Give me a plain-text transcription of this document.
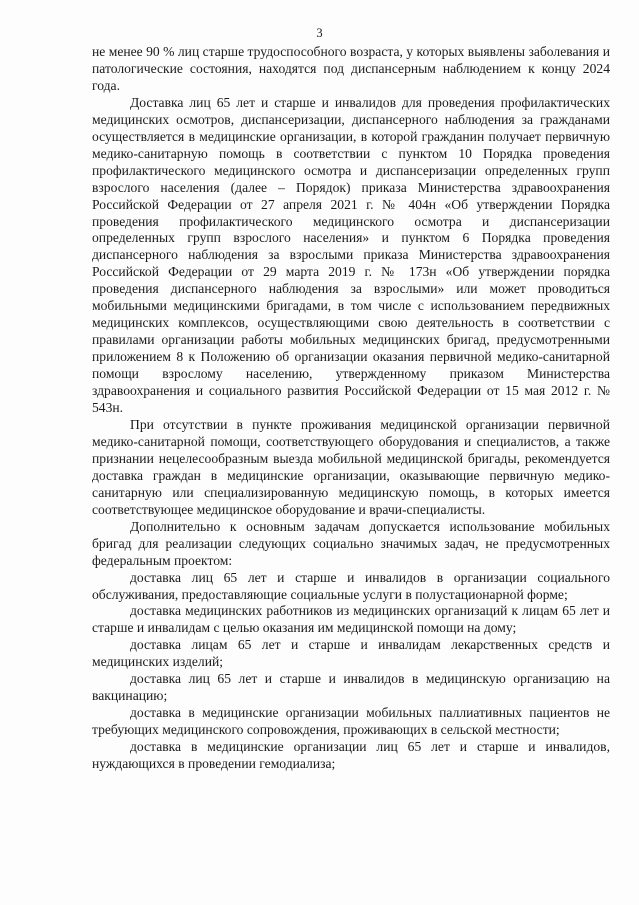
3

не менее 90 % лиц старше трудоспособного возраста, у которых выявлены заболевания и патологические состояния, находятся под диспансерным наблюдением к концу 2024 года.

Доставка лиц 65 лет и старше и инвалидов для проведения профилактических медицинских осмотров, диспансеризации, диспансерного наблюдения за гражданами осуществляется в медицинские организации, в которой гражданин получает первичную медико-санитарную помощь в соответствии с пунктом 10 Порядка проведения профилактического медицинского осмотра и диспансеризации определенных групп взрослого населения (далее – Порядок) приказа Министерства здравоохранения Российской Федерации от 27 апреля 2021 г. № 404н «Об утверждении Порядка проведения профилактического медицинского осмотра и диспансеризации определенных групп взрослого населения» и пунктом 6 Порядка проведения диспансерного наблюдения за взрослыми приказа Министерства здравоохранения Российской Федерации от 29 марта 2019 г. № 173н «Об утверждении порядка проведения диспансерного наблюдения за взрослыми» или может проводиться мобильными медицинскими бригадами, в том числе с использованием передвижных медицинских комплексов, осуществляющими свою деятельность в соответствии с правилами организации работы мобильных медицинских бригад, предусмотренными приложением 8 к Положению об организации оказания первичной медико-санитарной помощи взрослому населению, утвержденному приказом Министерства здравоохранения и социального развития Российской Федерации от 15 мая 2012 г. № 543н.

При отсутствии в пункте проживания медицинской организации первичной медико-санитарной помощи, соответствующего оборудования и специалистов, а также признании нецелесообразным выезда мобильной медицинской бригады, рекомендуется доставка граждан в медицинские организации, оказывающие первичную медико-санитарную или специализированную медицинскую помощь, в которых имеется соответствующее медицинское оборудование и врачи-специалисты.

Дополнительно к основным задачам допускается использование мобильных бригад для реализации следующих социально значимых задач, не предусмотренных федеральным проектом:

доставка лиц 65 лет и старше и инвалидов в организации социального обслуживания, предоставляющие социальные услуги в полустационарной форме;

доставка медицинских работников из медицинских организаций к лицам 65 лет и старше и инвалидам с целью оказания им медицинской помощи на дому;

доставка лицам 65 лет и старше и инвалидам лекарственных средств и медицинских изделий;

доставка лиц 65 лет и старше и инвалидов в медицинскую организацию на вакцинацию;

доставка в медицинские организации мобильных паллиативных пациентов не требующих медицинского сопровождения, проживающих в сельской местности;

доставка в медицинские организации лиц 65 лет и старше и инвалидов, нуждающихся в проведении гемодиализа;
